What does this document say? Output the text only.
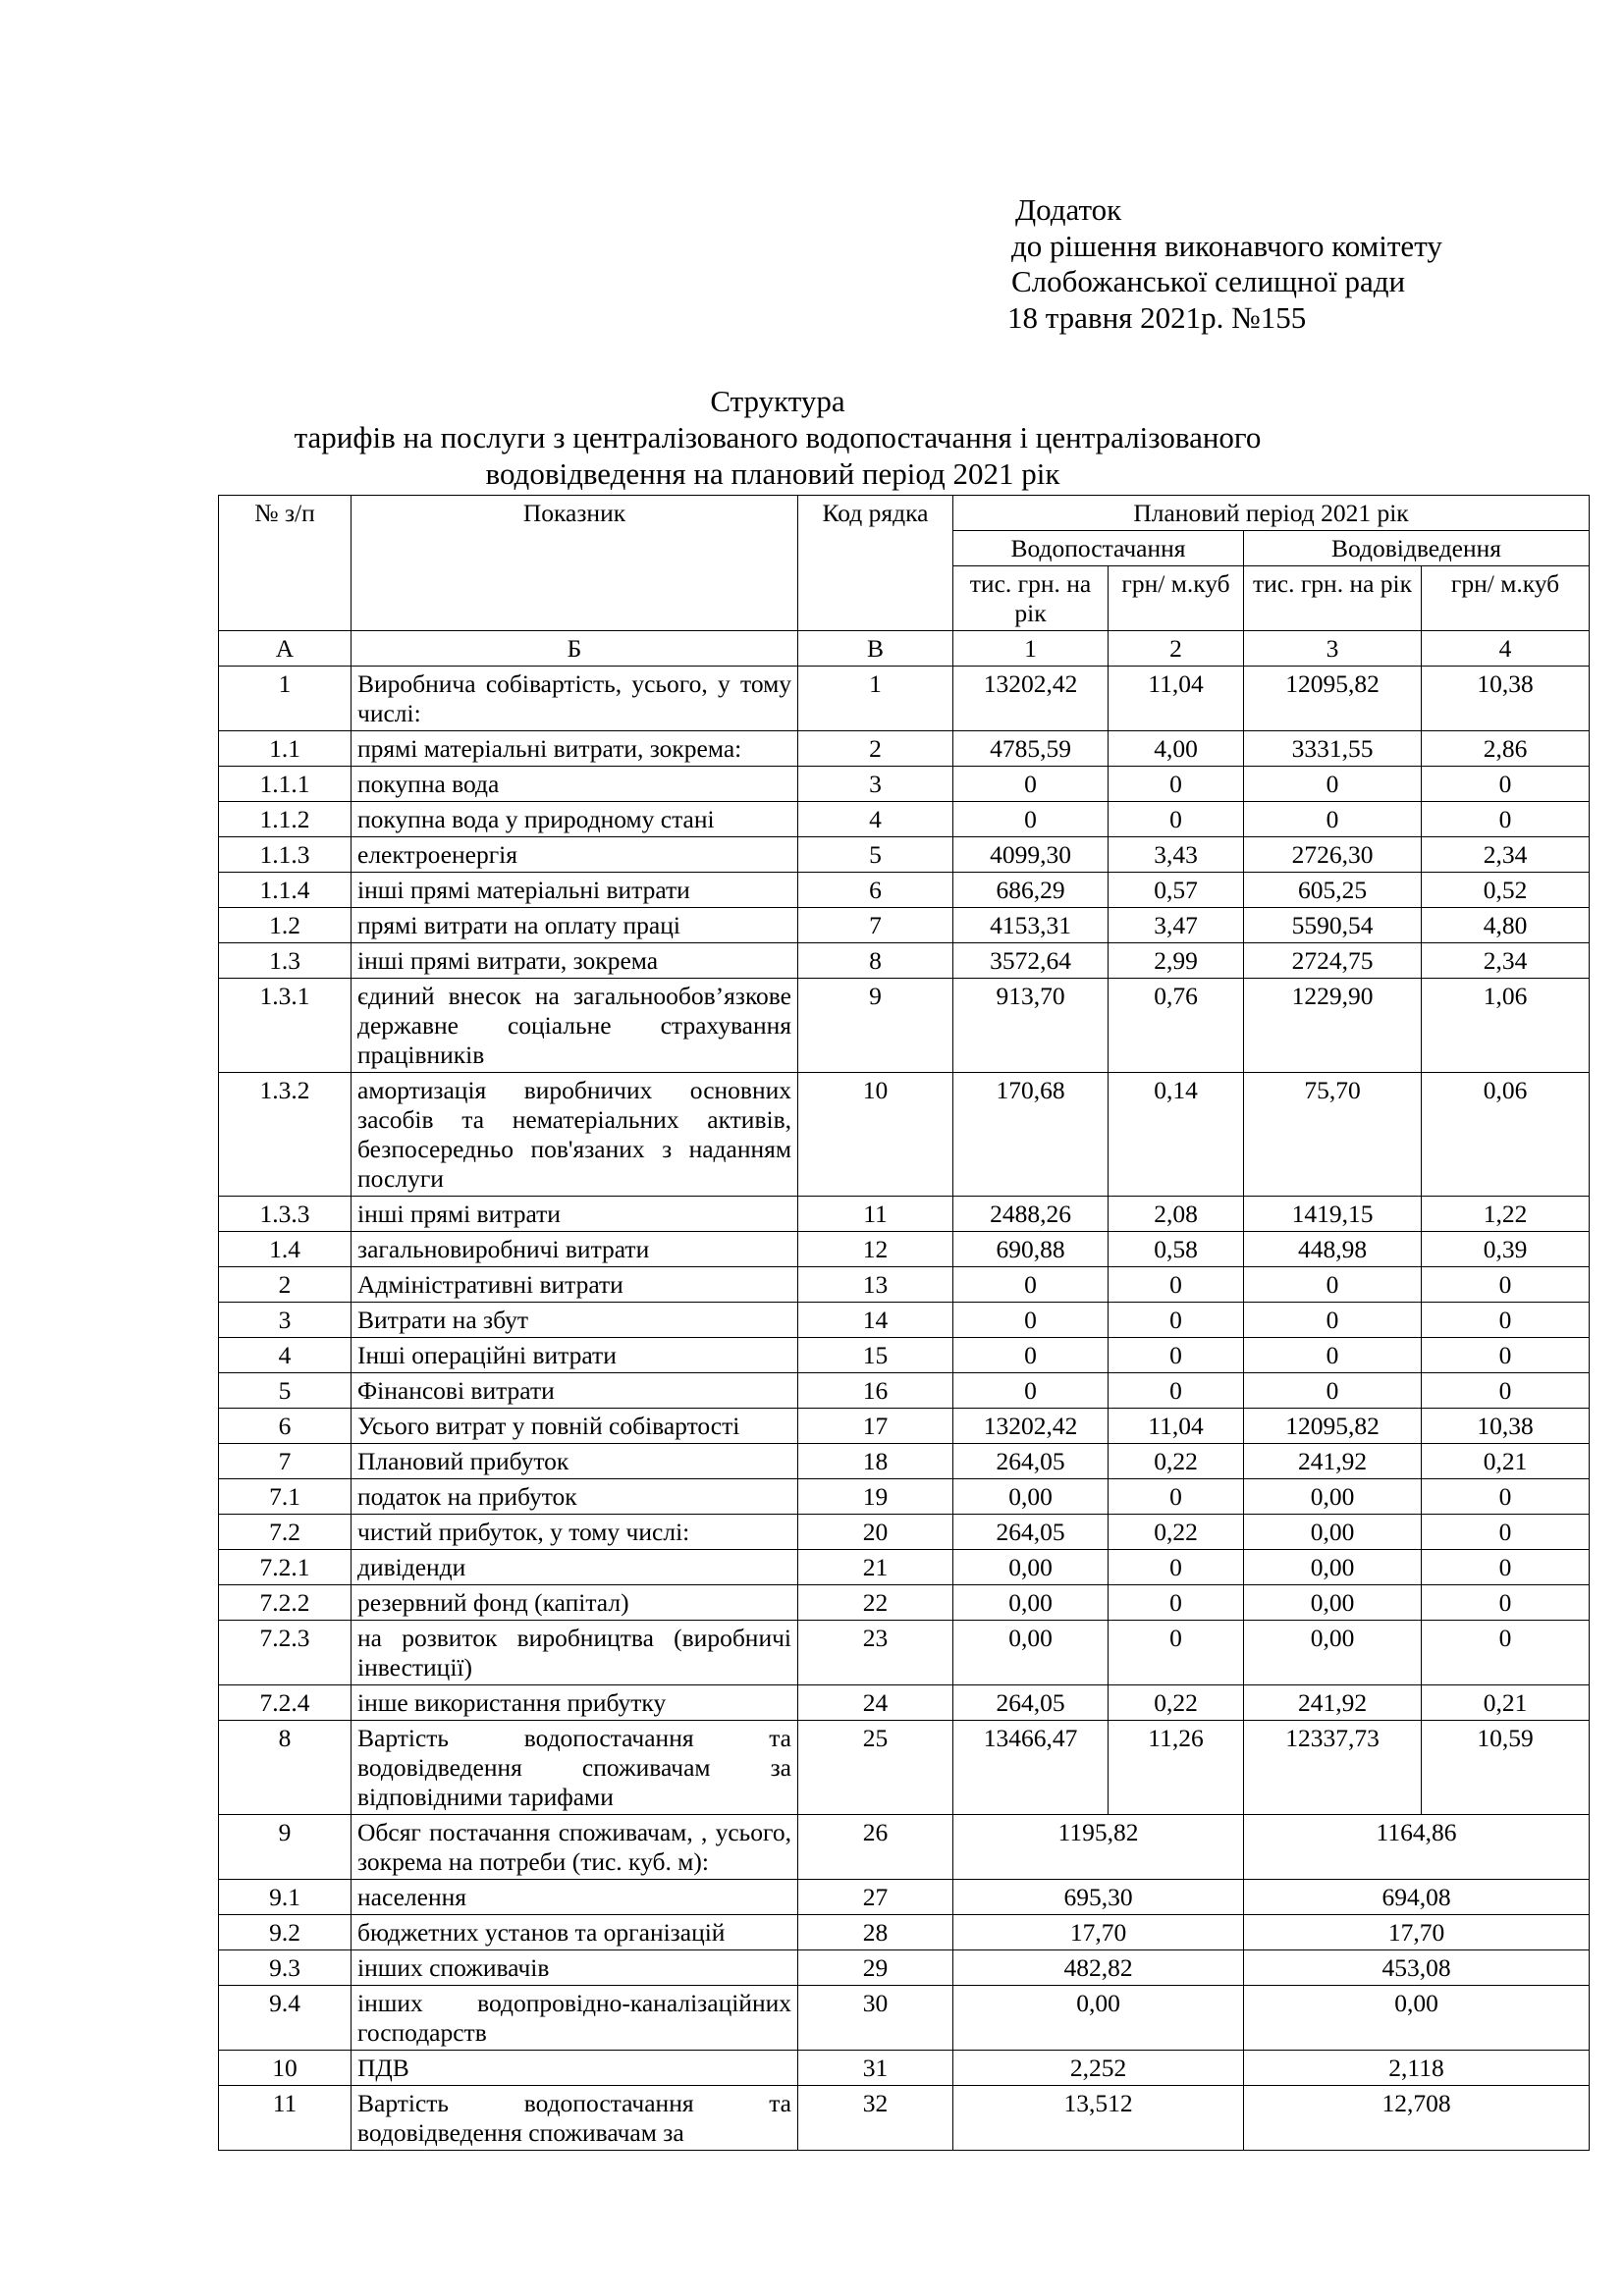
Додаток
до рішення виконавчого комітету
Слобожанської селищної ради
18 травня 2021р. №155
Структура
тарифів на послуги з централізованого водопостачання і централізованого
водовідведення на плановий період 2021 рік
№ з/п	Показник	Код рядка	Плановий період 2021 рік			
			Водопостачання		Водовідведення	
			тис. грн. на рік	грн/ м.куб	тис. грн. на рік	грн/ м.куб
А	Б	В	1	2	3	4
1	Виробнича собівартість, усього, у тому числі:	1	13202,42	11,04	12095,82	10,38
1.1	прямі матеріальні витрати, зокрема:	2	4785,59	4,00	3331,55	2,86
1.1.1	покупна вода	3	0	0	0	0
1.1.2	покупна вода у природному стані	4	0	0	0	0
1.1.3	електроенергія	5	4099,30	3,43	2726,30	2,34
1.1.4	інші прямі матеріальні витрати	6	686,29	0,57	605,25	0,52
1.2	прямі витрати на оплату праці	7	4153,31	3,47	5590,54	4,80
1.3	інші прямі витрати, зокрема	8	3572,64	2,99	2724,75	2,34
1.3.1	єдиний внесок на загальнообов’язкове державне соціальне страхування працівників	9	913,70	0,76	1229,90	1,06
1.3.2	амортизація виробничих основних засобів та нематеріальних активів, безпосередньо пов'язаних з наданням послуги	10	170,68	0,14	75,70	0,06
1.3.3	інші прямі витрати	11	2488,26	2,08	1419,15	1,22
1.4	загальновиробничі витрати	12	690,88	0,58	448,98	0,39
2	Адміністративні витрати	13	0	0	0	0
3	Витрати на збут	14	0	0	0	0
4	Інші операційні витрати	15	0	0	0	0
5	Фінансові витрати	16	0	0	0	0
6	Усього витрат у повній собівартості	17	13202,42	11,04	12095,82	10,38
7	Плановий прибуток	18	264,05	0,22	241,92	0,21
7.1	податок на прибуток	19	0,00	0	0,00	0
7.2	чистий прибуток, у тому числі:	20	264,05	0,22	0,00	0
7.2.1	дивіденди	21	0,00	0	0,00	0
7.2.2	резервний фонд (капітал)	22	0,00	0	0,00	0
7.2.3	на розвиток виробництва (виробничі інвестиції)	23	0,00	0	0,00	0
7.2.4	інше використання прибутку	24	264,05	0,22	241,92	0,21
8	Вартість водопостачання та водовідведення споживачам за відповідними тарифами	25	13466,47	11,26	12337,73	10,59
9	Обсяг постачання споживачам, , усього, зокрема на потреби (тис. куб. м):	26	1195,82		1164,86	
9.1	населення	27	695,30		694,08	
9.2	бюджетних установ та організацій	28	17,70		17,70	
9.3	інших споживачів	29	482,82		453,08	
9.4	інших водопровідно-каналізаційних господарств	30	0,00		0,00	
10	ПДВ	31	2,252		2,118	
11	Вартість водопостачання та водовідведення споживачам за	32	13,512		12,708	
